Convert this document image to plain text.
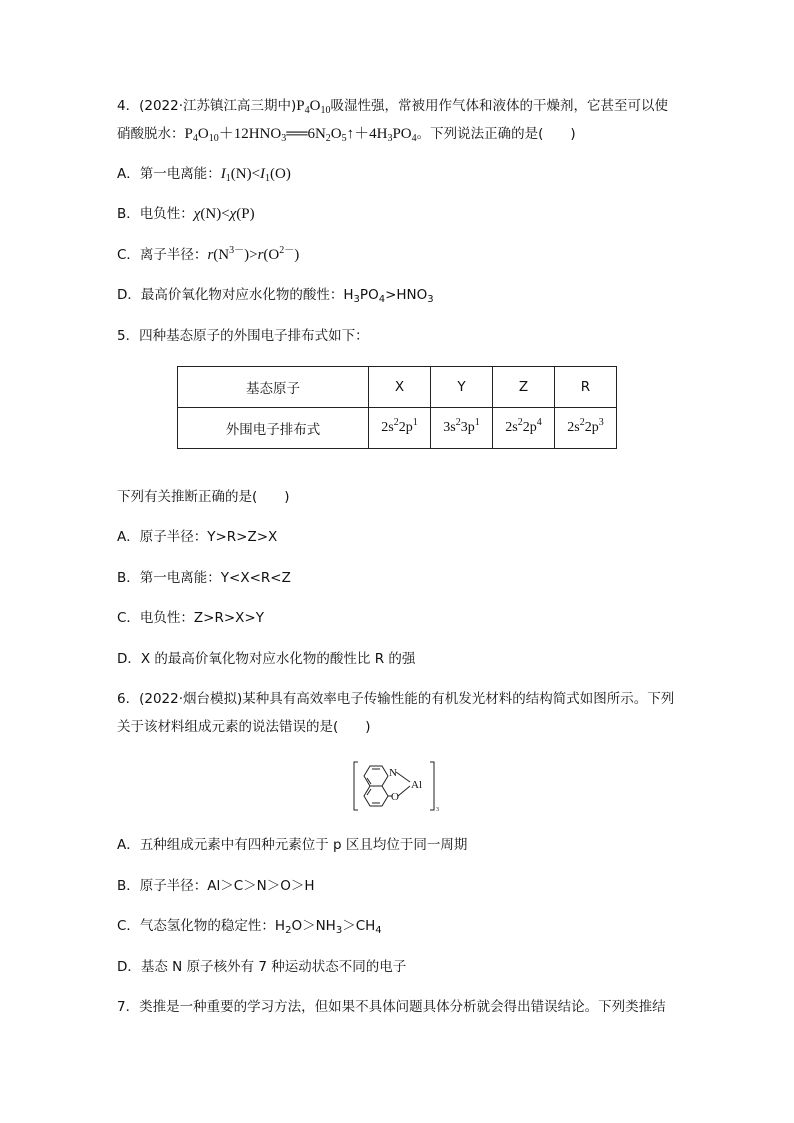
4．(2022·江苏镇江高三期中)$P_4O_{10}$吸湿性强，常被用作气体和液体的干燥剂，它甚至可以使
硝酸脱水：$P_4O_{10}+12HNO_3══6N_2O_5↑+4H_3PO_4$。下列说法正确的是(　　)
A．第一电离能：$I_1(N)<I_1(O)$
B．电负性：χ(N)<χ(P)
C．离子半径：$r(N^{3-})>r(O^{2-})$
D．最高价氧化物对应水化物的酸性：$H_3PO_4>HNO_3$
5．四种基态原子的外围电子排布式如下：
基态原子	X	Y	Z	R
外围电子排布式	$2s^22p^1$	$3s^23p^1$	$2s^22p^4$	$2s^22p^3$
下列有关推断正确的是(　　)
A．原子半径：Y>R>Z>X
B．第一电离能：Y<X<R<Z
C．电负性：Z>R>X>Y
D．X 的最高价氧化物对应水化物的酸性比 R 的强
6．(2022·烟台模拟)某种具有高效率电子传输性能的有机发光材料的结构简式如图所示。下列
关于该材料组成元素的说法错误的是(　　)
N
O
Al
3
A．五种组成元素中有四种元素位于 p 区且均位于同一周期
B．原子半径：Al＞C＞N＞O＞H
C．气态氢化物的稳定性：$H_2O>NH_3>CH_4$
D．基态 N 原子核外有 7 种运动状态不同的电子
7．类推是一种重要的学习方法，但如果不具体问题具体分析就会得出错误结论。下列类推结
